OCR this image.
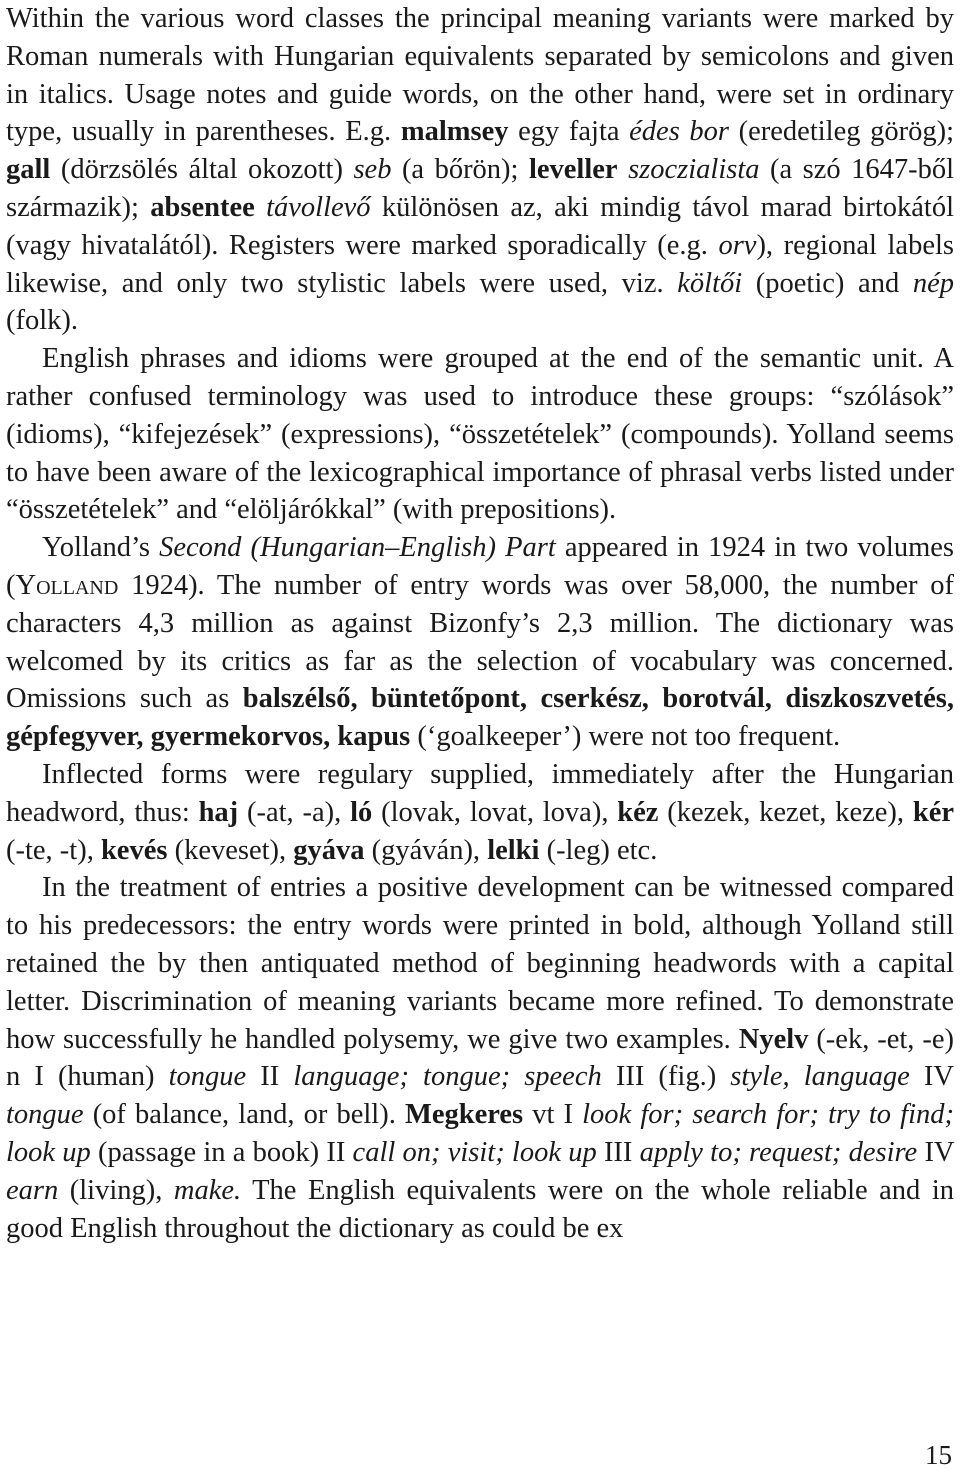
Within the various word classes the principal meaning variants were marked by Roman numerals with Hungarian equivalents separated by semicolons and given in italics. Usage notes and guide words, on the other hand, were set in ordinary type, usually in parentheses. E.g. malmsey egy fajta édes bor (eredetileg görög); gall (dörzsölés által okozott) seb (a bőrön); leveller szoczialista (a szó 1647-ből származik); absentee távollevő különösen az, aki mindig távol marad birtokától (vagy hivatalától). Registers were marked sporadically (e.g. orv), regional labels likewise, and only two stylistic labels were used, viz. költői (poetic) and nép (folk).

English phrases and idioms were grouped at the end of the semantic unit. A rather confused terminology was used to introduce these groups: “szólások” (idioms), “kifejezések” (expressions), “összetételek” (compounds). Yolland seems to have been aware of the lexicographical importance of phrasal verbs listed under “összetételek” and “elöljárókkal” (with prepositions).

Yolland’s Second (Hungarian–English) Part appeared in 1924 in two volumes (Yolland 1924). The number of entry words was over 58,000, the number of characters 4,3 million as against Bizonfy’s 2,3 million. The dictionary was welcomed by its critics as far as the selection of vocabulary was concerned. Omissions such as balszélső, büntetőpont, cserkész, borotvál, diszkoszvetés, gépfegyver, gyermekorvos, kapus (‘goalkeeper’) were not too frequent.

Inflected forms were regulary supplied, immediately after the Hungarian headword, thus: haj (-at, -a), ló (lovak, lovat, lova), kéz (kezek, kezet, keze), kér (-te, -t), kevés (keveset), gyáva (gyáván), lelki (-leg) etc.

In the treatment of entries a positive development can be witnessed compared to his predecessors: the entry words were printed in bold, although Yolland still retained the by then antiquated method of beginning headwords with a capital letter. Discrimination of meaning variants became more refined. To demonstrate how successfully he handled polysemy, we give two examples. Nyelv (-ek, -et, -e) n I (human) tongue II language; tongue; speech III (fig.) style, language IV tongue (of balance, land, or bell). Megkeres vt I look for; search for; try to find; look up (passage in a book) II call on; visit; look up III apply to; request; desire IV earn (living), make. The English equivalents were on the whole reliable and in good English throughout the dictionary as could be ex

15
